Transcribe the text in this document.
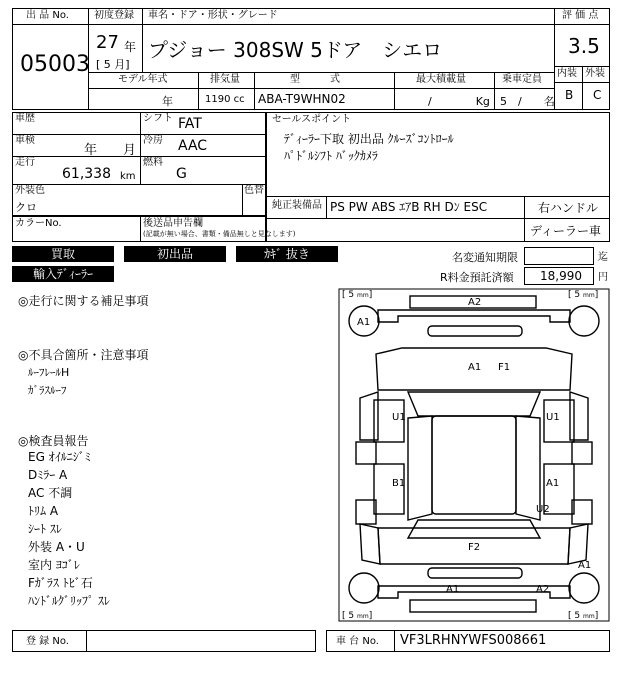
出 品 No.
05003
初度登録 車名・ドア・形状・グレード
27 年
[ 5 月]
プジョー 308SW 5ドア　シエロ
評 価 点
3.5
内装 外装
B C
モデル年式	排気量	型　　　式	最大積載量	乗車定員
年	1190 cc ABA-T9WHN02	/　　　　Kg 5　/　　名
車歴	シフト FAT
車検
年　　月
冷房 AAC
走行
61,338 km
燃料
G
外装色
クロ
色替
カラーNo.	後送品申告欄
(記載が無い場合、書類・備品無しと見なします)
セールスポイント
ﾃﾞｨｰﾗｰ下取 初出品 ｸﾙｰｽﾞｺﾝﾄﾛｰﾙ
ﾊﾟﾄﾞﾙｼﾌﾄ ﾊﾞｯｸｶﾒﾗ
純正装備品 PS PW ABS ｴｱB RH Dﾝ ESC	右ハンドル
ディーラー車
買取	初出品	ｶｷﾞ 抜き
輸入ﾃﾞｨｰﾗｰ
名変通知期限	迄
R料金預託済額 18,990 円
◎走行に関する補足事項
◎不具合箇所・注意事項
ﾙｰﾌﾚｰﾙH
ｶﾞﾗｽﾙｰﾌ
◎検査員報告
EG ｵｲﾙﾆｼﾞﾐ
Dﾐﾗｰ A
AC 不調
ﾄﾘﾑ A
ｼｰﾄ ｽﾚ
外装 A・U
室内 ﾖｺﾞﾚ
Fｶﾞﾗｽ ﾄﾋﾞ石
ﾊﾝﾄﾞﾙｸﾞﾘｯﾌﾟ ｽﾚ
[ 5 mm]	[ 5 mm]
[ 5 mm]	[ 5 mm]
A2
A1
A1 F1
U1	U1
B1	A1
U2
F2
A1
A1	A2
登 録 No.	車 台 No. VF3LRHNYWFS008661
